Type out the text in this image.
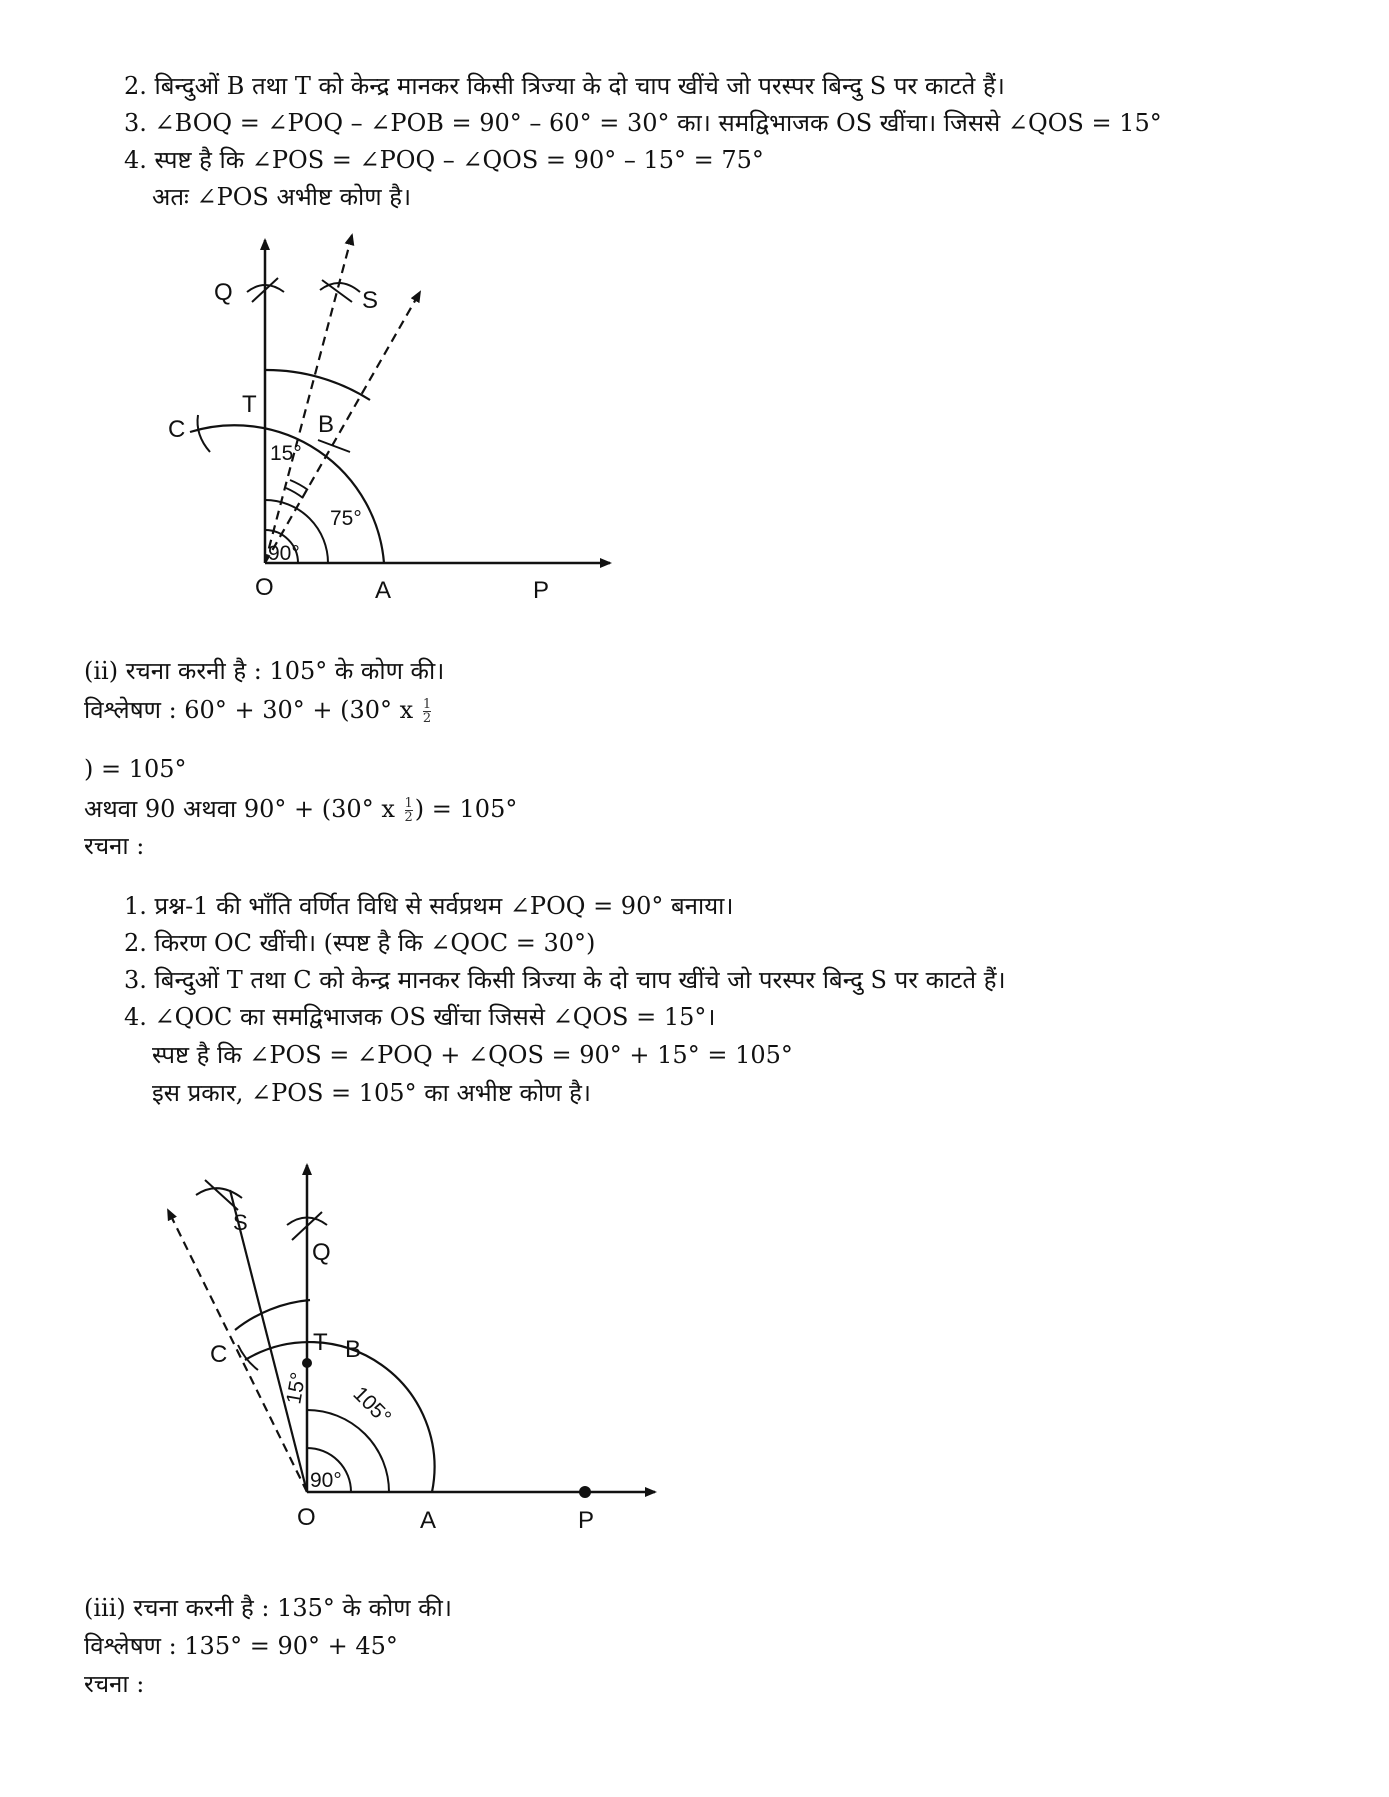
2. बिन्दुओं B तथा T को केन्द्र मानकर किसी त्रिज्या के दो चाप खींचे जो परस्पर बिन्दु S पर काटते हैं।
3. ∠BOQ = ∠POQ – ∠POB = 90° – 60° = 30° का। समद्विभाजक OS खींचा। जिससे ∠QOS = 15°
4. स्पष्ट है कि ∠POS = ∠POQ – ∠QOS = 90° – 15° = 75°
अतः ∠POS अभीष्ट कोण है।
Q	S
C
T
B
O	A	P
15°
75°
90°
(ii) रचना करनी है : 105° के कोण की।
विश्लेषण : 60° + 30° + (30° x $\frac{1}{2}$
) = 105°
अथवा 90 अथवा 90° + (30° x $\frac{1}{2}$ ) = 105°
रचना :
1. प्रश्न-1 की भाँति वर्णित विधि से सर्वप्रथम ∠POQ = 90° बनाया।
2. किरण OC खींची। (स्पष्ट है कि ∠QOC = 30°)
3. बिन्दुओं T तथा C को केन्द्र मानकर किसी त्रिज्या के दो चाप खींचे जो परस्पर बिन्दु S पर काटते हैं।
4. ∠QOC का समद्विभाजक OS खींचा जिससे ∠QOS = 15°।
स्पष्ट है कि ∠POS = ∠POQ + ∠QOS = 90° + 15° = 105°
इस प्रकार, ∠POS = 105° का अभीष्ट कोण है।
S
Q
C	T B
O	A	P
15° 105°
90°
(iii) रचना करनी है : 135° के कोण की।
विश्लेषण : 135° = 90° + 45°
रचना :
